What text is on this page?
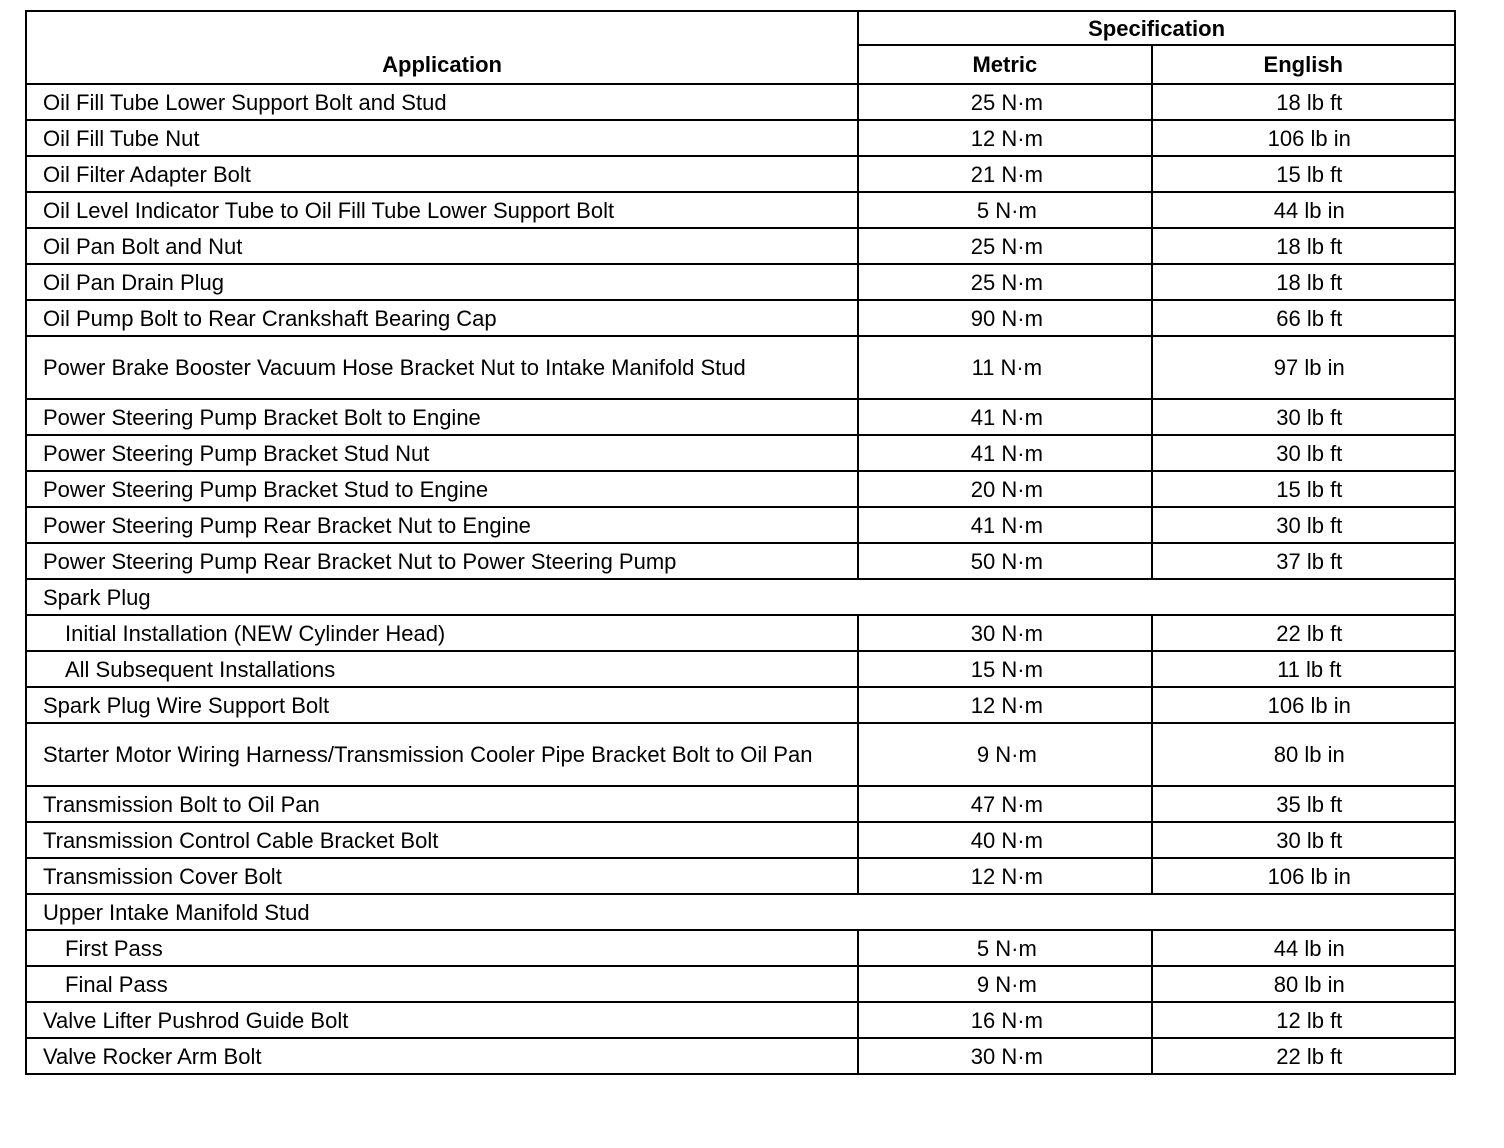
Application	Specification	
	Metric	English
Oil Fill Tube Lower Support Bolt and Stud	25 N·m	18 lb ft
Oil Fill Tube Nut	12 N·m	106 lb in
Oil Filter Adapter Bolt	21 N·m	15 lb ft
Oil Level Indicator Tube to Oil Fill Tube Lower Support Bolt	5 N·m	44 lb in
Oil Pan Bolt and Nut	25 N·m	18 lb ft
Oil Pan Drain Plug	25 N·m	18 lb ft
Oil Pump Bolt to Rear Crankshaft Bearing Cap	90 N·m	66 lb ft
Power Brake Booster Vacuum Hose Bracket Nut to Intake Manifold Stud	11 N·m	97 lb in
Power Steering Pump Bracket Bolt to Engine	41 N·m	30 lb ft
Power Steering Pump Bracket Stud Nut	41 N·m	30 lb ft
Power Steering Pump Bracket Stud to Engine	20 N·m	15 lb ft
Power Steering Pump Rear Bracket Nut to Engine	41 N·m	30 lb ft
Power Steering Pump Rear Bracket Nut to Power Steering Pump	50 N·m	37 lb ft
Spark Plug		
Initial Installation (NEW Cylinder Head)	30 N·m	22 lb ft
All Subsequent Installations	15 N·m	11 lb ft
Spark Plug Wire Support Bolt	12 N·m	106 lb in
Starter Motor Wiring Harness/Transmission Cooler Pipe Bracket Bolt to Oil Pan	9 N·m	80 lb in
Transmission Bolt to Oil Pan	47 N·m	35 lb ft
Transmission Control Cable Bracket Bolt	40 N·m	30 lb ft
Transmission Cover Bolt	12 N·m	106 lb in
Upper Intake Manifold Stud		
First Pass	5 N·m	44 lb in
Final Pass	9 N·m	80 lb in
Valve Lifter Pushrod Guide Bolt	16 N·m	12 lb ft
Valve Rocker Arm Bolt	30 N·m	22 lb ft
